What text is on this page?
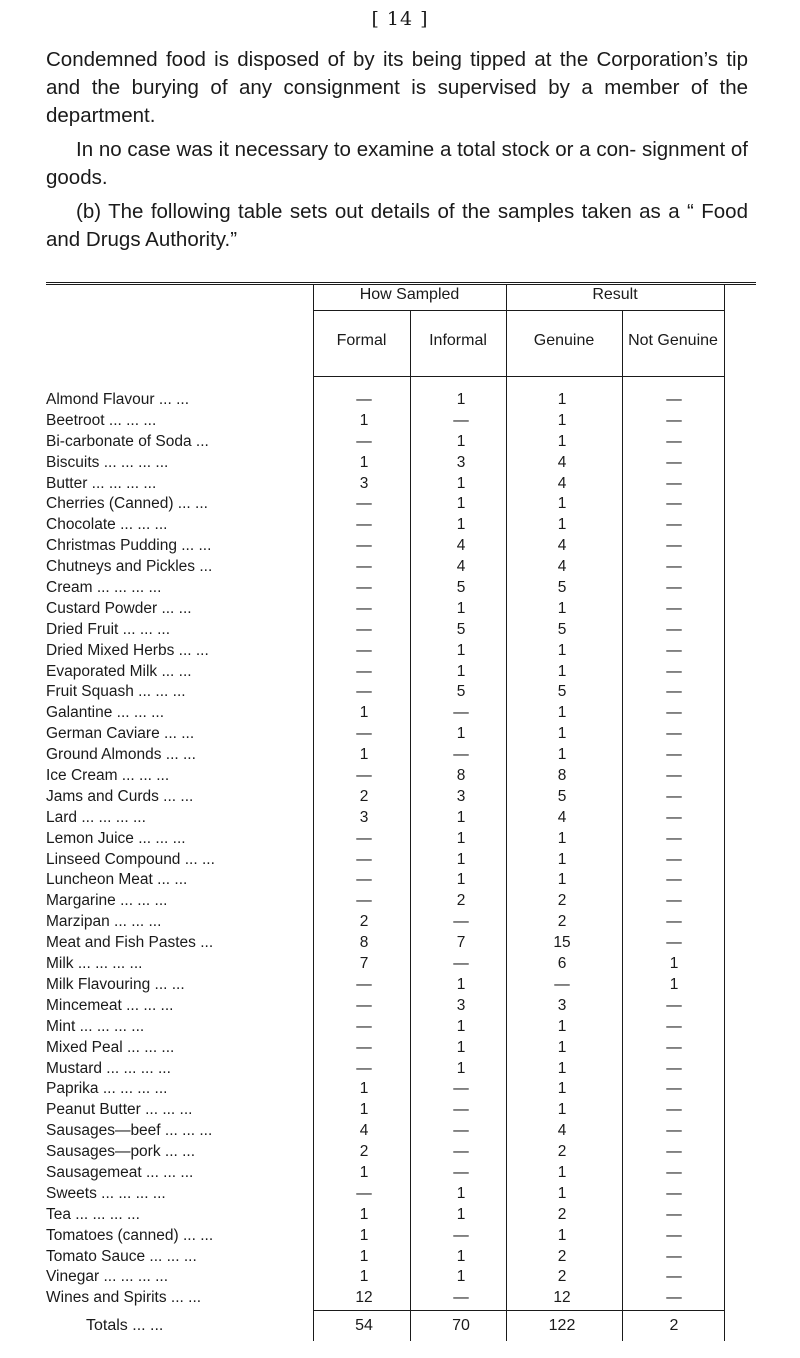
[ 14 ]

Condemned food is disposed of by its being tipped at the Corporation’s tip and the burying of any consignment is supervised by a member of the department.

In no case was it necessary to examine a total stock or a con- signment of goods.

(b) The following table sets out details of the samples taken as a “ Food and Drugs Authority.”

How Sampled	Result
Formal	Informal	Genuine	Not Genuine
Almond Flavour ... ...	—	1	1	—
Beetroot ... ... ...	1	—	1	—
Bi-carbonate of Soda ...	—	1	1	—
Biscuits ... ... ... ...	1	3	4	—
Butter ... ... ... ...	3	1	4	—
Cherries (Canned) ... ...	—	1	1	—
Chocolate ... ... ...	—	1	1	—
Christmas Pudding ... ...	—	4	4	—
Chutneys and Pickles ...	—	4	4	—
Cream ... ... ... ...	—	5	5	—
Custard Powder ... ...	—	1	1	—
Dried Fruit ... ... ...	—	5	5	—
Dried Mixed Herbs ... ...	—	1	1	—
Evaporated Milk ... ...	—	1	1	—
Fruit Squash ... ... ...	—	5	5	—
Galantine ... ... ...	1	—	1	—
German Caviare ... ...	—	1	1	—
Ground Almonds ... ...	1	—	1	—
Ice Cream ... ... ...	—	8	8	—
Jams and Curds ... ...	2	3	5	—
Lard ... ... ... ...	3	1	4	—
Lemon Juice ... ... ...	—	1	1	—
Linseed Compound ... ...	—	1	1	—
Luncheon Meat ... ...	—	1	1	—
Margarine ... ... ...	—	2	2	—
Marzipan ... ... ...	2	—	2	—
Meat and Fish Pastes ...	8	7	15	—
Milk ... ... ... ...	7	—	6	1
Milk Flavouring ... ...	—	1	—	1
Mincemeat ... ... ...	—	3	3	—
Mint ... ... ... ...	—	1	1	—
Mixed Peal ... ... ...	—	1	1	—
Mustard ... ... ... ...	—	1	1	—
Paprika ... ... ... ...	1	—	1	—
Peanut Butter ... ... ...	1	—	1	—
Sausages—beef ... ... ...	4	—	4	—
Sausages—pork ... ...	2	—	2	—
Sausagemeat ... ... ...	1	—	1	—
Sweets ... ... ... ...	—	1	1	—
Tea ... ... ... ...	1	1	2	—
Tomatoes (canned) ... ...	1	—	1	—
Tomato Sauce ... ... ...	1	1	2	—
Vinegar ... ... ... ...	1	1	2	—
Wines and Spirits ... ...	12	—	12	—
Totals ... ...	54	70	122	2
